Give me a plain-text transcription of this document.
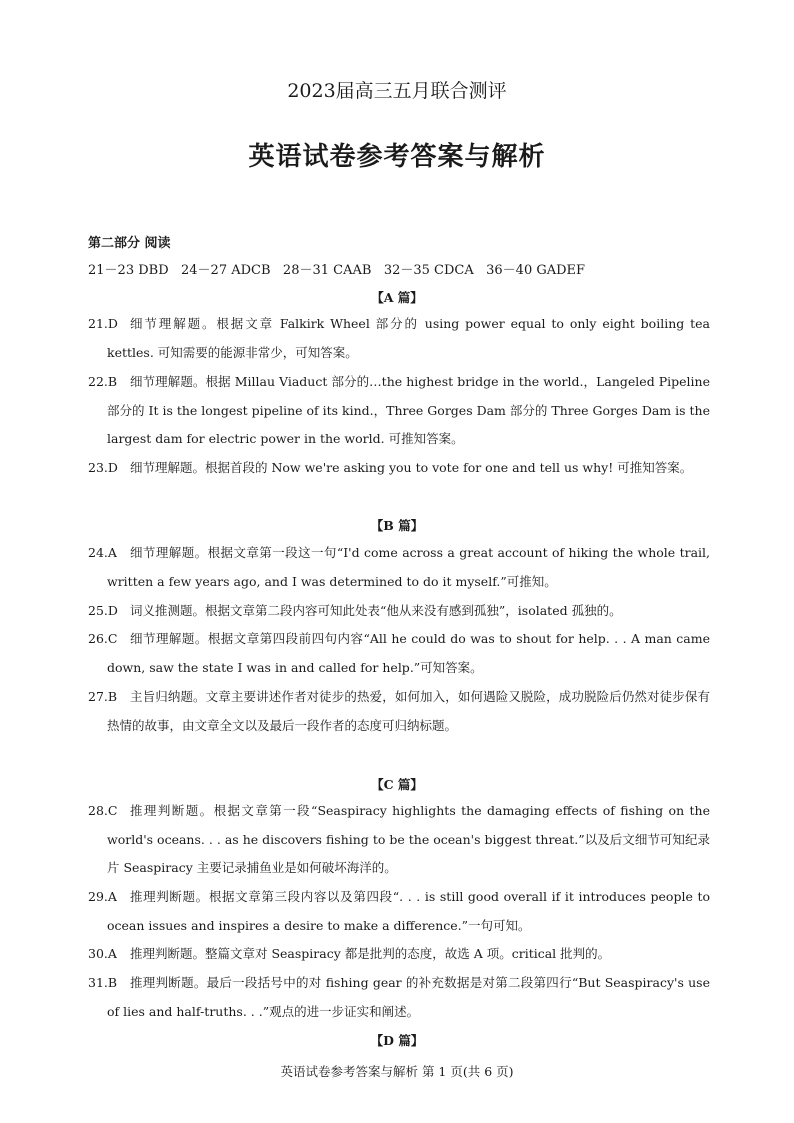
2023届高三五月联合测评
英语试卷参考答案与解析
第二部分 阅读
21－23 DBD   24－27 ADCB   28－31 CAAB   32－35 CDCA   36－40 GADEF
【A 篇】
21.D 细节理解题。根据文章 Falkirk Wheel 部分的 using power equal to only eight boiling tea kettles. 可知需要的能源非常少，可知答案。
22.B	细节理解题。根据 Millau Viaduct 部分的…the highest bridge in the world.，Langeled Pipeline 部分的 It is the longest pipeline of its kind.，Three Gorges Dam 部分的 Three Gorges Dam is the largest dam for electric power in the world. 可推知答案。
23.D 细节理解题。根据首段的 Now we're asking you to vote for one and tell us why! 可推知答案。
【B 篇】
24.A	细节理解题。根据文章第一段这一句“I'd come across a great account of hiking the whole trail, written a few years ago, and I was determined to do it myself.”可推知。
25.D 词义推测题。根据文章第二段内容可知此处表“他从来没有感到孤独”，isolated 孤独的。
26.C	细节理解题。根据文章第四段前四句内容“All he could do was to shout for help. . . A man came down, saw the state I was in and called for help.”可知答案。
27.B	主旨归纳题。文章主要讲述作者对徒步的热爱，如何加入，如何遇险又脱险，成功脱险后仍然对徒步保有热情的故事，由文章全文以及最后一段作者的态度可归纳标题。
【C 篇】
28.C	推理判断题。根据文章第一段“Seaspiracy highlights the damaging effects of fishing on the world's oceans. . . as he discovers fishing to be the ocean's biggest threat.”以及后文细节可知纪录片 Seaspiracy 主要记录捕鱼业是如何破坏海洋的。
29.A	推理判断题。根据文章第三段内容以及第四段“. . . is still good overall if it introduces people to ocean issues and inspires a desire to make a difference.”一句可知。
30.A	推理判断题。整篇文章对 Seaspiracy 都是批判的态度，故选 A 项。critical 批判的。
31.B	推理判断题。最后一段括号中的对 fishing gear 的补充数据是对第二段第四行“But Seaspiracy's use of lies and half-truths. . .”观点的进一步证实和阐述。
【D 篇】
英语试卷参考答案与解析 第 1 页(共 6 页)
